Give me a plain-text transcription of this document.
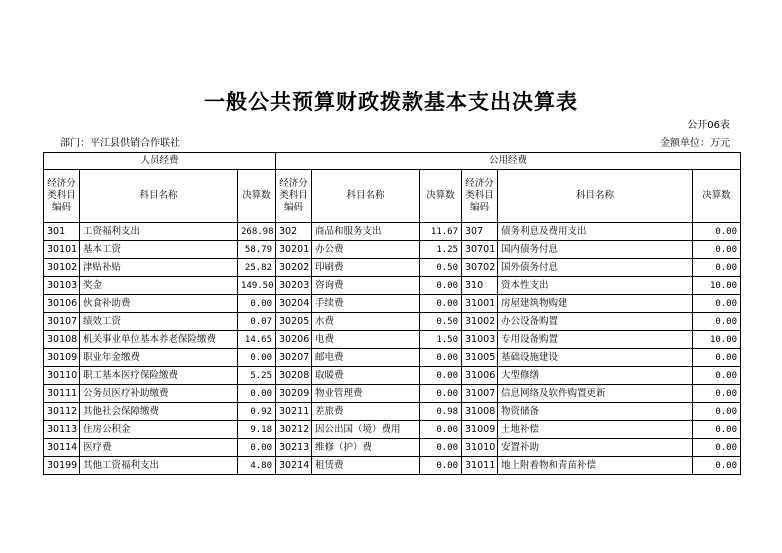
一般公共预算财政拨款基本支出决算表
公开06表
部门：平江县供销合作联社	金额单位：万元
人员经费			公用经费					

经济分类科目编码	科目名称	决算数	经济分类科目编码	科目名称	决算数	经济分类科目编码	科目名称	决算数
301	工资福利支出	268.98	302	商品和服务支出	11.67	307	债务利息及费用支出	0.00
30101	基本工资	58.79	30201	办公费	1.25	30701	国内债务付息	0.00
30102	津贴补贴	25.82	30202	印刷费	0.50	30702	国外债务付息	0.00
30103	奖金	149.50	30203	咨询费	0.00	310	资本性支出	10.00
30106	伙食补助费	0.00	30204	手续费	0.00	31001	房屋建筑物购建	0.00
30107	绩效工资	0.07	30205	水费	0.50	31002	办公设备购置	0.00
30108	机关事业单位基本养老保险缴费	14.65	30206	电费	1.50	31003	专用设备购置	10.00
30109	职业年金缴费	0.00	30207	邮电费	0.00	31005	基础设施建设	0.00
30110	职工基本医疗保险缴费	5.25	30208	取暖费	0.00	31006	大型修缮	0.00
30111	公务员医疗补助缴费	0.00	30209	物业管理费	0.00	31007	信息网络及软件购置更新	0.00
30112	其他社会保障缴费	0.92	30211	差旅费	0.98	31008	物资储备	0.00
30113	住房公积金	9.18	30212	因公出国（境）费用	0.00	31009	土地补偿	0.00
30114	医疗费	0.00	30213	维修（护）费	0.00	31010	安置补助	0.00
30199	其他工资福利支出	4.80	30214	租赁费	0.00	31011	地上附着物和青苗补偿	0.00
